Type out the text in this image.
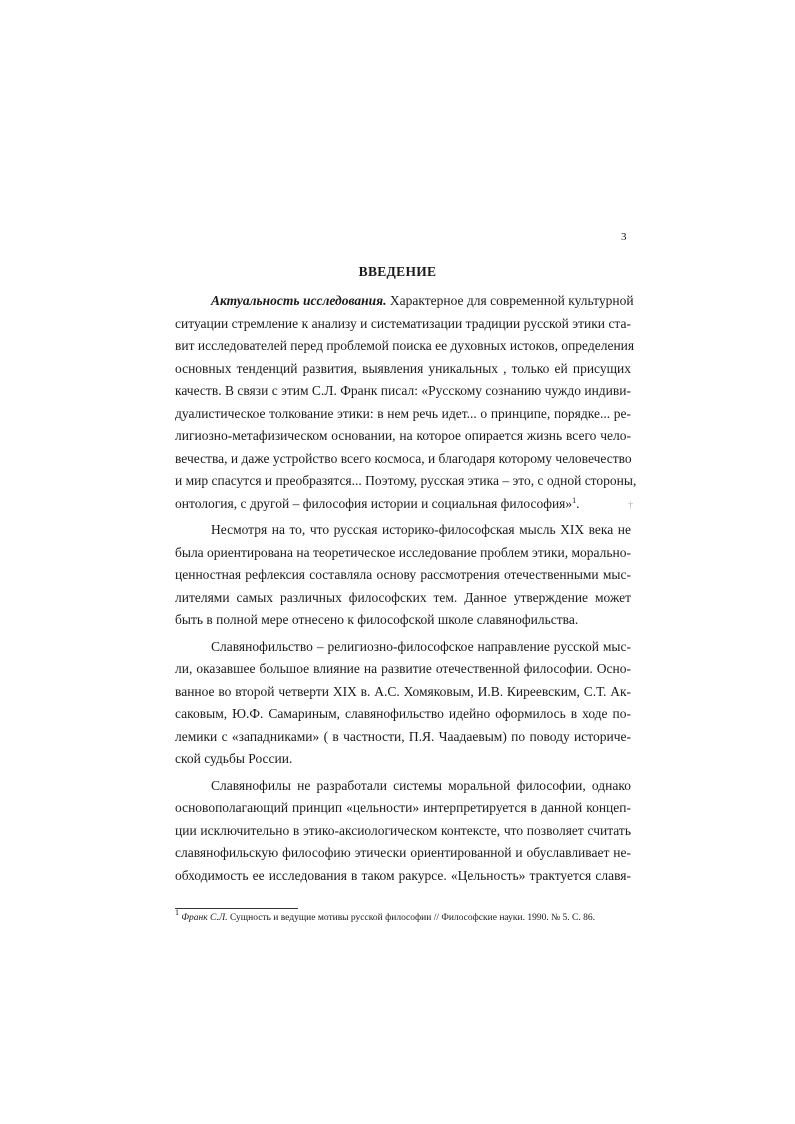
3
ВВЕДЕНИЕ
Актуальность исследования. Характерное для современной культурной
ситуации стремление к анализу и систематизации традиции русской этики ста-
вит исследователей перед проблемой поиска ее духовных истоков, определения
основных тенденций развития, выявления уникальных , только ей присущих
качеств. В связи с этим С.Л. Франк писал: «Русскому сознанию чуждо индиви-
дуалистическое толкование этики: в нем речь идет... о принципе, порядке... ре-
лигиозно-метафизическом основании, на которое опирается жизнь всего чело-
вечества, и даже устройство всего космоса, и благодаря которому человечество
и мир спасутся и преобразятся... Поэтому, русская этика – это, с одной стороны,
онтология, с другой – философия истории и социальная философия»$^1$.
Несмотря на то, что русская историко-философская мысль XIX века не
была ориентирована на теоретическое исследование проблем этики, морально-
ценностная рефлексия составляла основу рассмотрения отечественными мыс-
лителями самых различных философских тем. Данное утверждение может
быть в полной мере отнесено к философской школе славянофильства.
Славянофильство – религиозно-философское направление русской мыс-
ли, оказавшее большое влияние на развитие отечественной философии. Осно-
ванное во второй четверти XIX в. А.С. Хомяковым, И.В. Киреевским, С.Т. Ак-
саковым, Ю.Ф. Самариным, славянофильство идейно оформилось в ходе по-
лемики с «западниками» ( в частности, П.Я. Чаадаевым) по поводу историче-
ской судьбы России.
Славянофилы не разработали системы моральной философии, однако
основополагающий принцип «цельности» интерпретируется в данной концеп-
ции исключительно в этико-аксиологическом контексте, что позволяет считать
славянофильскую философию этически ориентированной и обуславливает не-
обходимость ее исследования в таком ракурсе. «Цельность» трактуется славя-
†
$^1$ Франк С.Л. Сущность и ведущие мотивы русской философии // Философские науки. 1990. № 5. С. 86.
